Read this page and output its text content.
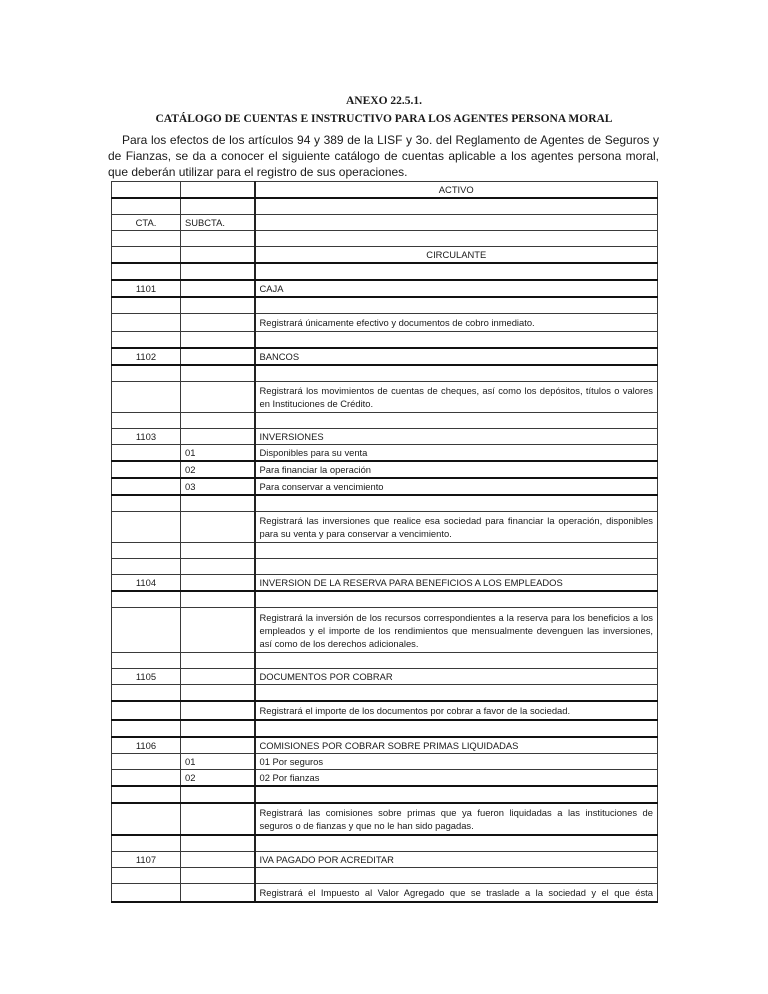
ANEXO 22.5.1.
CATÁLOGO DE CUENTAS E INSTRUCTIVO PARA LOS AGENTES PERSONA MORAL

Para los efectos de los artículos 94 y 389 de la LISF y 3o. del Reglamento de Agentes de Seguros y de Fianzas, se da a conocer el siguiente catálogo de cuentas aplicable a los agentes persona moral, que deberán utilizar para el registro de sus operaciones.

		ACTIVO

CTA.	SUBCTA.	

		CIRCULANTE

1101		CAJA

		Registrará únicamente efectivo y documentos de cobro inmediato.

1102		BANCOS

		Registrará los movimientos de cuentas de cheques, así como los depósitos, títulos o valores en Instituciones de Crédito.

1103		INVERSIONES
	01	Disponibles para su venta
	02	Para financiar la operación
	03	Para conservar a vencimiento

		Registrará las inversiones que realice esa sociedad para financiar la operación, disponibles para su venta y para conservar a vencimiento.

1104		INVERSION DE LA RESERVA PARA BENEFICIOS A LOS EMPLEADOS

		Registrará la inversión de los recursos correspondientes a la reserva para los beneficios a los empleados y el importe de los rendimientos que mensualmente devenguen las inversiones, así como de los derechos adicionales.

1105		DOCUMENTOS POR COBRAR

		Registrará el importe de los documentos por cobrar a favor de la sociedad.

1106		COMISIONES POR COBRAR SOBRE PRIMAS LIQUIDADAS
	01	01 Por seguros
	02	02 Por fianzas

		Registrará las comisiones sobre primas que ya fueron liquidadas a las instituciones de seguros o de fianzas y que no le han sido pagadas.

1107		IVA PAGADO POR ACREDITAR

		Registrará el Impuesto al Valor Agregado que se traslade a la sociedad y el que ésta
